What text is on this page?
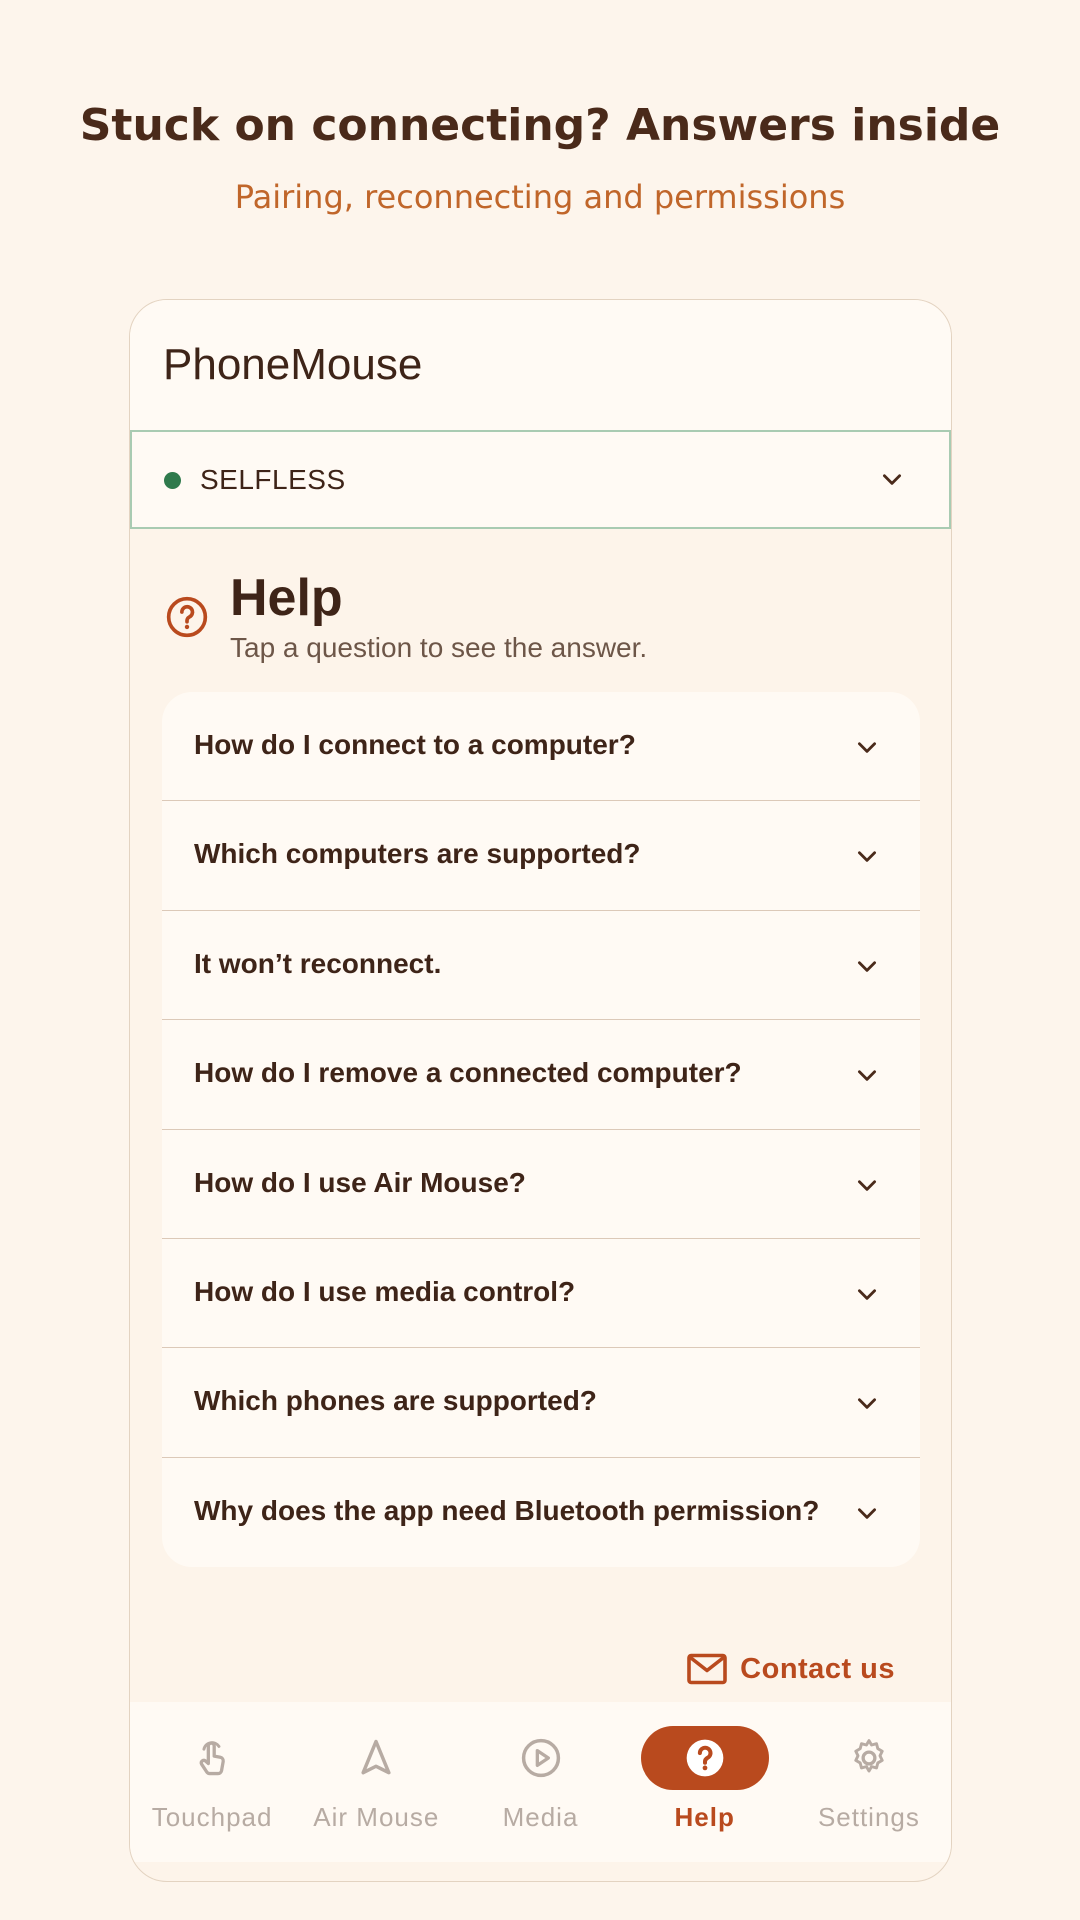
Stuck on connecting? Answers inside
Pairing, reconnecting and permissions
PhoneMouse
SELFLESS
Help
Tap a question to see the answer.
How do I connect to a computer?
Which computers are supported?
It won’t reconnect.
How do I remove a connected computer?
How do I use Air Mouse?
How do I use media control?
Which phones are supported?
Why does the app need Bluetooth permission?
Contact us
Touchpad	Air Mouse	Media	Help	Settings
